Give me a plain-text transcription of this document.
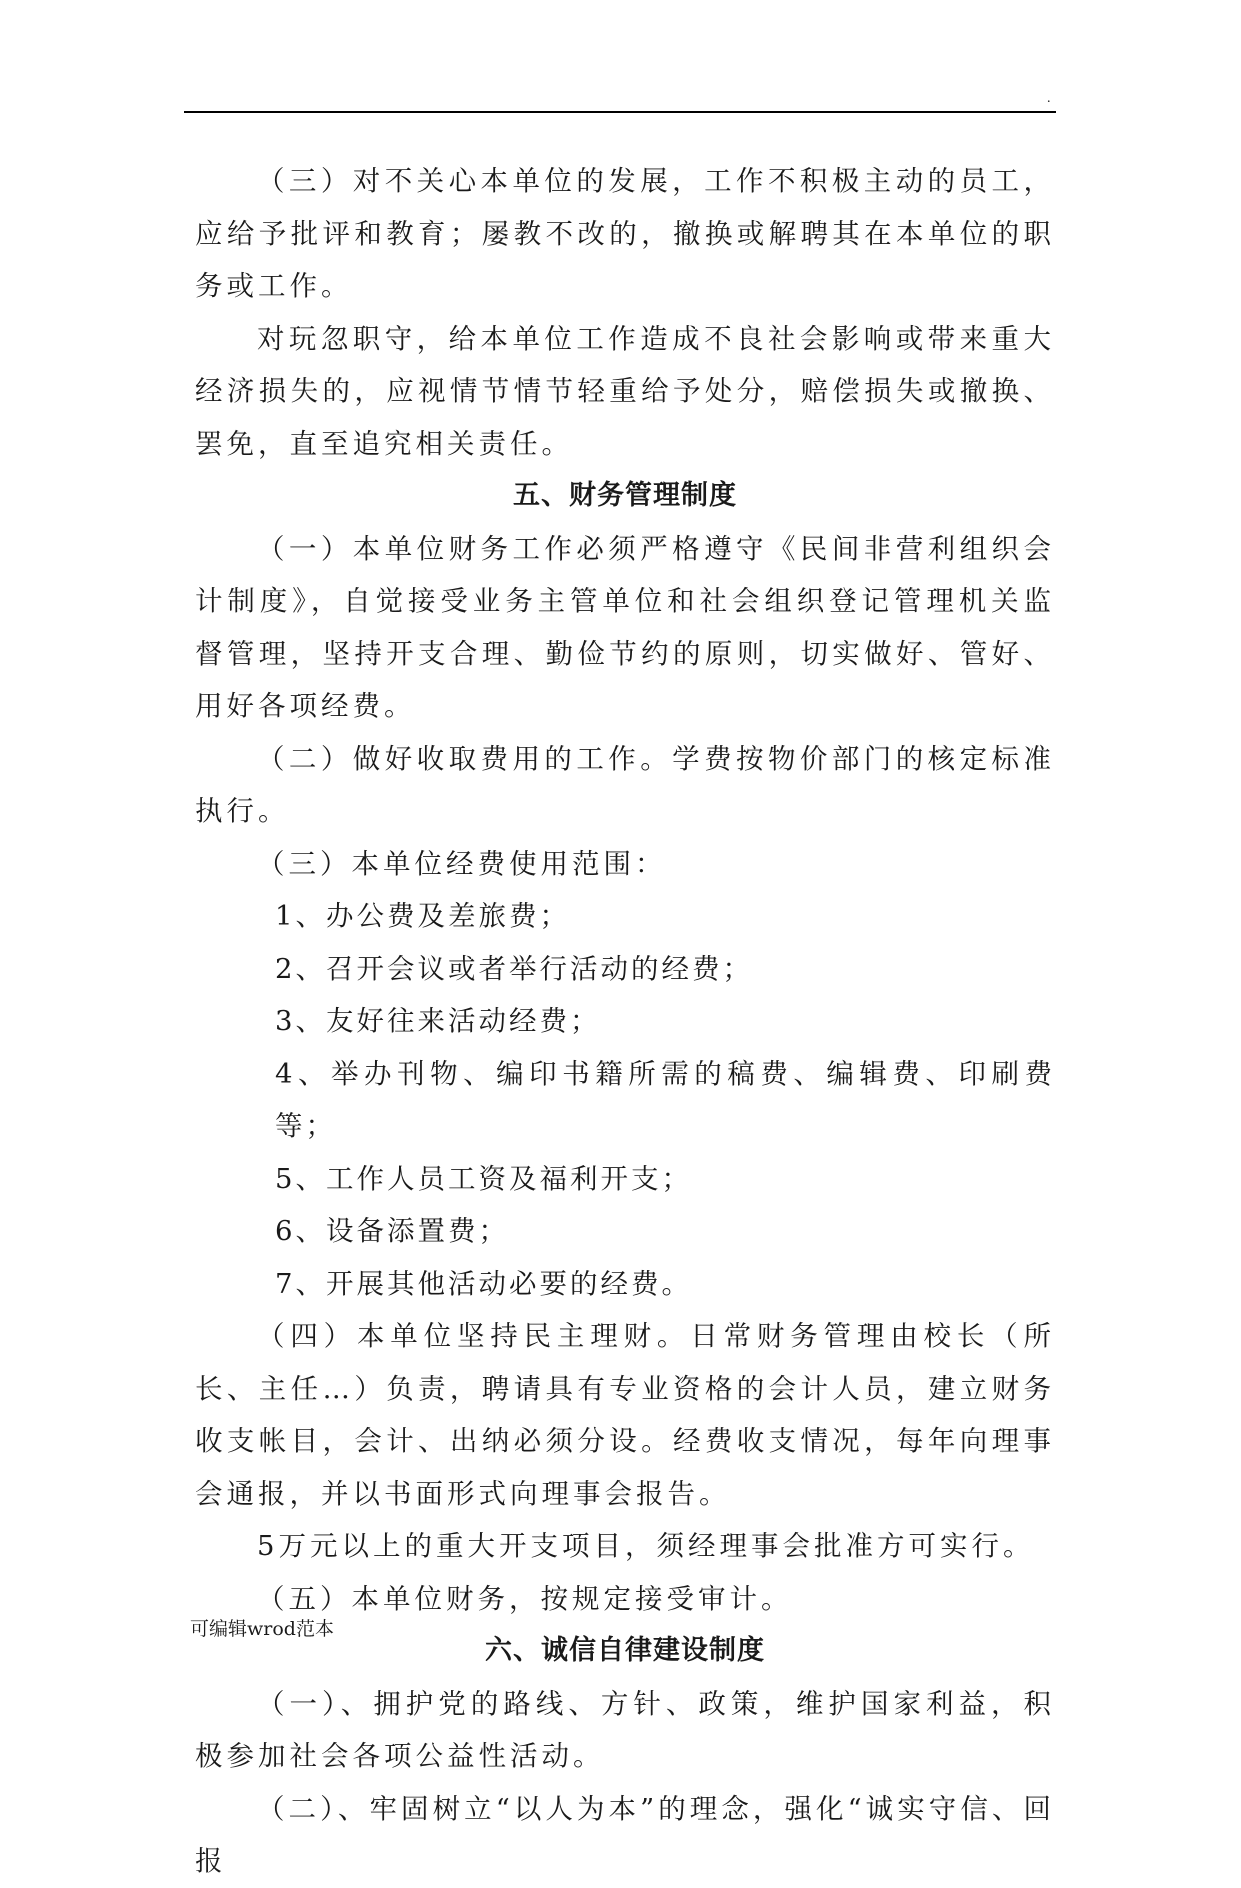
.

（三）对不关心本单位的发展，工作不积极主动的员工，应给予批评和教育；屡教不改的，撤换或解聘其在本单位的职务或工作。

对玩忽职守，给本单位工作造成不良社会影响或带来重大经济损失的，应视情节情节轻重给予处分，赔偿损失或撤换、罢免，直至追究相关责任。

五、财务管理制度

（一）本单位财务工作必须严格遵守《民间非营利组织会计制度》，自觉接受业务主管单位和社会组织登记管理机关监督管理，坚持开支合理、勤俭节约的原则，切实做好、管好、用好各项经费。

（二）做好收取费用的工作。学费按物价部门的核定标准执行。

（三）本单位经费使用范围：

1、办公费及差旅费；

2、召开会议或者举行活动的经费；

3、友好往来活动经费；

4、举办刊物、编印书籍所需的稿费、编辑费、印刷费等；

5、工作人员工资及福利开支；

6、设备添置费；

7、开展其他活动必要的经费。

（四）本单位坚持民主理财。日常财务管理由校长（所长、主任…）负责，聘请具有专业资格的会计人员，建立财务收支帐目，会计、出纳必须分设。经费收支情况，每年向理事会通报，并以书面形式向理事会报告。

5万元以上的重大开支项目，须经理事会批准方可实行。

（五）本单位财务，按规定接受审计。

六、诚信自律建设制度

（一）、拥护党的路线、方针、政策，维护国家利益，积极参加社会各项公益性活动。

（二）、牢固树立“以人为本”的理念，强化“诚实守信、回报

可编辑wrod范本
